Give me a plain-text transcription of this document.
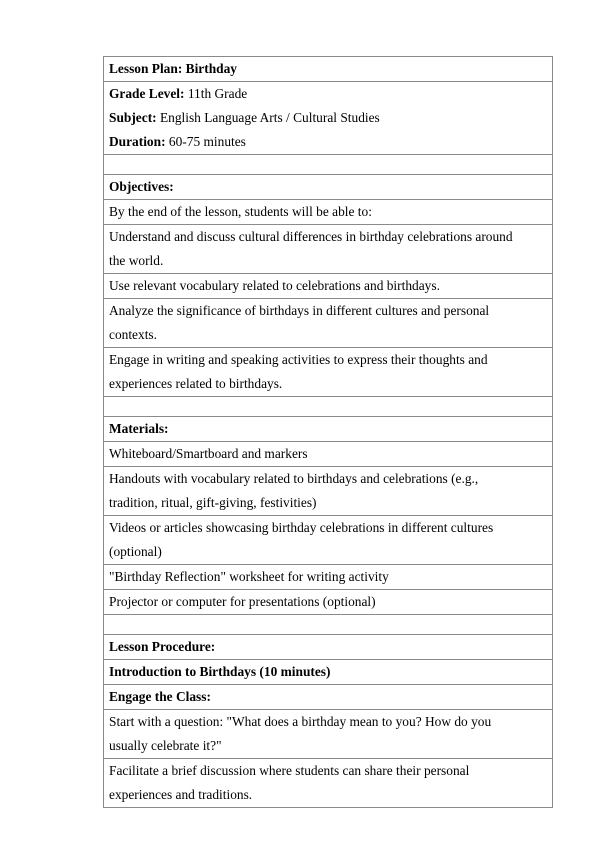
Lesson Plan: Birthday

Grade Level: 11th Grade
Subject: English Language Arts / Cultural Studies
Duration: 60-75 minutes

Objectives:
By the end of the lesson, students will be able to:

Understand and discuss cultural differences in birthday celebrations around
the world.

Use relevant vocabulary related to celebrations and birthdays.

Analyze the significance of birthdays in different cultures and personal
contexts.

Engage in writing and speaking activities to express their thoughts and
experiences related to birthdays.

Materials:

Whiteboard/Smartboard and markers

Handouts with vocabulary related to birthdays and celebrations (e.g.,
tradition, ritual, gift-giving, festivities)

Videos or articles showcasing birthday celebrations in different cultures
(optional)

"Birthday Reflection" worksheet for writing activity

Projector or computer for presentations (optional)

Lesson Procedure:
Introduction to Birthdays (10 minutes)
Engage the Class:

Start with a question: "What does a birthday mean to you? How do you
usually celebrate it?"

Facilitate a brief discussion where students can share their personal
experiences and traditions.
